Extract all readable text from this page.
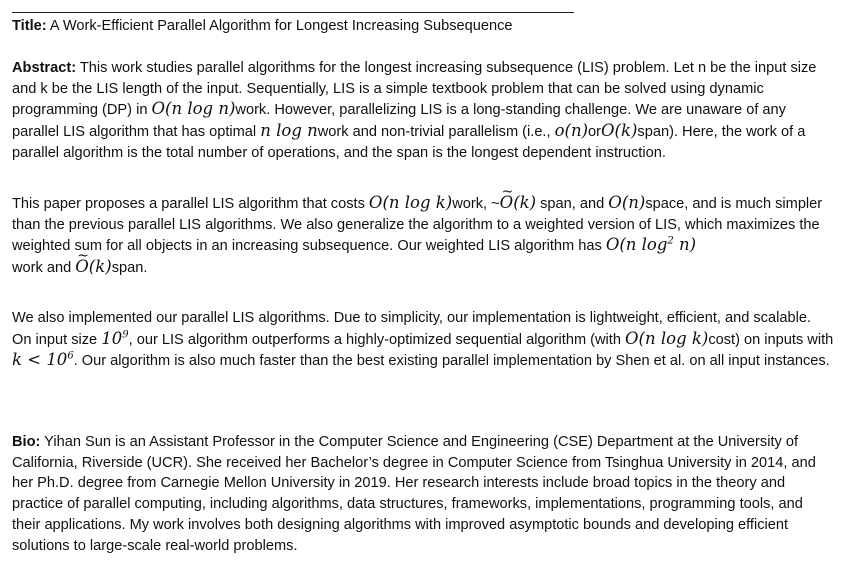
Title: A Work-Efficient Parallel Algorithm for Longest Increasing Subsequence
Abstract: This work studies parallel algorithms for the longest increasing subsequence (LIS) problem. Let n be the input size and k be the LIS length of the input. Sequentially, LIS is a simple textbook problem that can be solved using dynamic programming (DP) in O(n log n)work. However, parallelizing LIS is a long-standing challenge. We are unaware of any parallel LIS algorithm that has optimal n log nwork and non-trivial parallelism (i.e., o(n)orO(k)span). Here, the work of a parallel algorithm is the total number of operations, and the span is the longest dependent instruction.
This paper proposes a parallel LIS algorithm that costs O(n log k)work, ~~ O(k) span, and O(n)space, and is much simpler than the previous parallel LIS algorithms. We also generalize the algorithm to a weighted version of LIS, which maximizes the weighted sum for all objects in an increasing subsequence. Our weighted LIS algorithm has O(n $\log^2 n$)
work and ~ O(k)span.
We also implemented our parallel LIS algorithms. Due to simplicity, our implementation is lightweight, efficient, and scalable. On input size $10^9$, our LIS algorithm outperforms a highly-optimized sequential algorithm (with O(n log k)cost) on inputs with $k < 10^6$. Our algorithm is also much faster than the best existing parallel implementation by Shen et al. on all input instances.
Bio: Yihan Sun is an Assistant Professor in the Computer Science and Engineering (CSE) Department at the University of California, Riverside (UCR). She received her Bachelor’s degree in Computer Science from Tsinghua University in 2014, and her Ph.D. degree from Carnegie Mellon University in 2019. Her research interests include broad topics in the theory and practice of parallel computing, including algorithms, data structures, frameworks, implementations, programming tools, and their applications. My work involves both designing algorithms with improved asymptotic bounds and developing efficient solutions to large-scale real-world problems.
